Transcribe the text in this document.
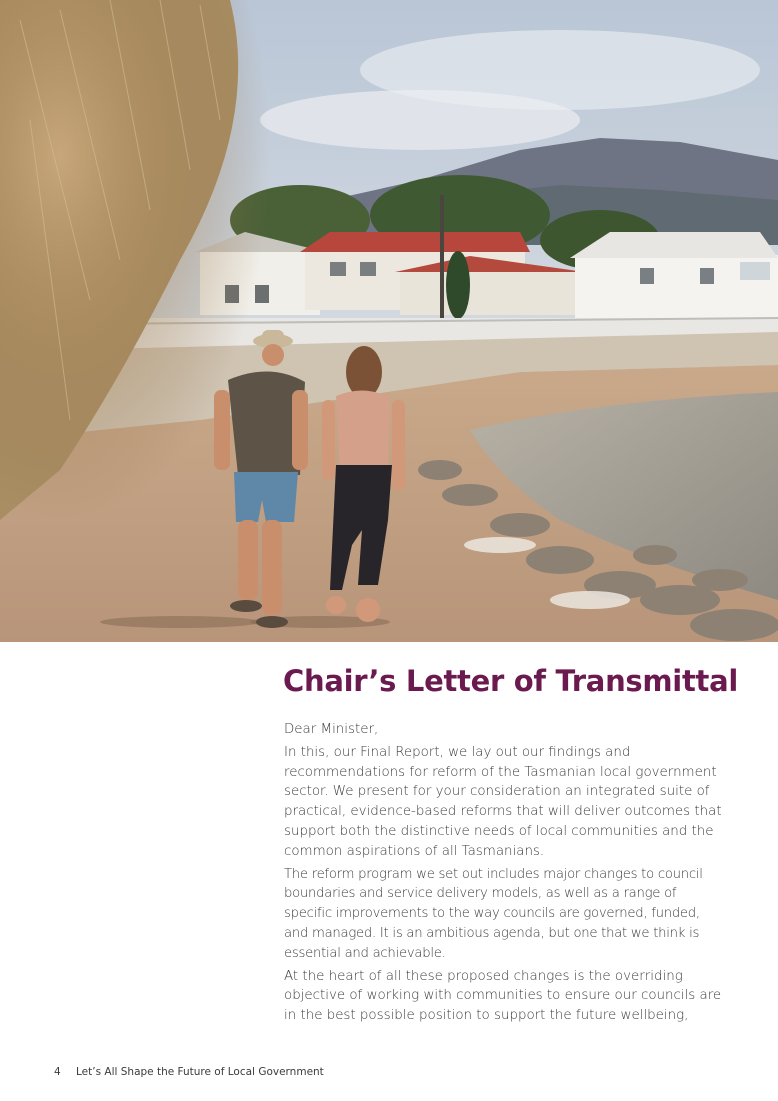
Chair’s Letter of Transmittal

Dear Minister,

In this, our Final Report, we lay out our findings and recommendations for reform of the Tasmanian local government sector. We present for your consideration an integrated suite of practical, evidence-based reforms that will deliver outcomes that support both the distinctive needs of local communities and the common aspirations of all Tasmanians.

The reform program we set out includes major changes to council boundaries and service delivery models, as well as a range of specific improvements to the way councils are governed, funded, and managed. It is an ambitious agenda, but one that we think is essential and achievable.

At the heart of all these proposed changes is the overriding objective of working with communities to ensure our councils are in the best possible position to support the future wellbeing,

4 Let’s All Shape the Future of Local Government
